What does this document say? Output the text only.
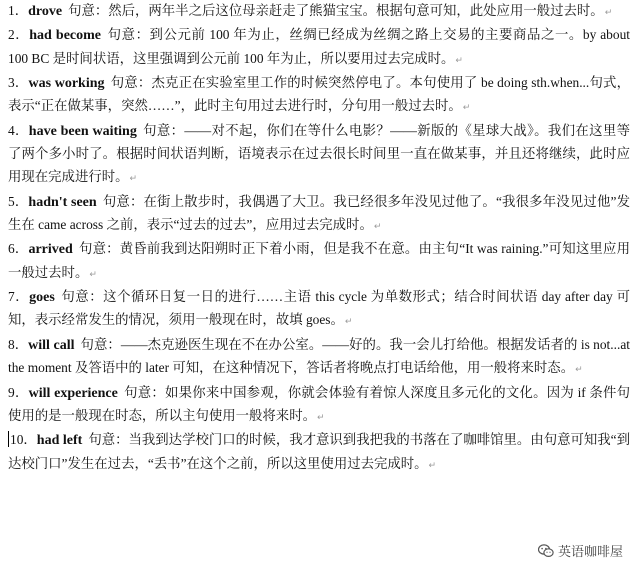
1．drove 句意：然后，两年半之后这位母亲赶走了熊猫宝宝。根据句意可知，此处应用一般过去时。↵

2．had become 句意：到公元前 100 年为止，丝绸已经成为丝绸之路上交易的主要商品之一。by about 100 BC 是时间状语，这里强调到公元前 100 年为止，所以要用过去完成时。↵

3．was working 句意：杰克正在实验室里工作的时候突然停电了。本句使用了 be doing sth.when...句式，表示“正在做某事，突然……”，此时主句用过去进行时，分句用一般过去时。↵

4．have been waiting 句意：——对不起，你们在等什么电影？——新版的《星球大战》。我们在这里等了两个多小时了。根据时间状语判断，语境表示在过去很长时间里一直在做某事，并且还将继续，此时应用现在完成进行时。↵

5．hadn't seen 句意：在街上散步时，我偶遇了大卫。我已经很多年没见过他了。“我很多年没见过他”发生在 came across 之前，表示“过去的过去”，应用过去完成时。↵

6．arrived 句意：黄昏前我到达阳朔时正下着小雨，但是我不在意。由主句“It was raining.”可知这里应用一般过去时。↵

7．goes 句意：这个循环日复一日的进行……主语 this cycle 为单数形式；结合时间状语 day after day 可知，表示经常发生的情况，须用一般现在时，故填 goes。↵

8．will call 句意：——杰克逊医生现在不在办公室。——好的。我一会儿打给他。根据发话者的 is not...at the moment 及答语中的 later 可知，在这种情况下，答话者将晚点打电话给他，用一般将来时态。↵

9．will experience 句意：如果你来中国参观，你就会体验有着惊人深度且多元化的文化。因为 if 条件句使用的是一般现在时态，所以主句使用一般将来时。↵

10．had left 句意：当我到达学校门口的时候，我才意识到我把我的书落在了咖啡馆里。由句意可知我“到达校门口”发生在过去，“丢书”在这个之前，所以这里使用过去完成时。↵

英语咖啡屋
